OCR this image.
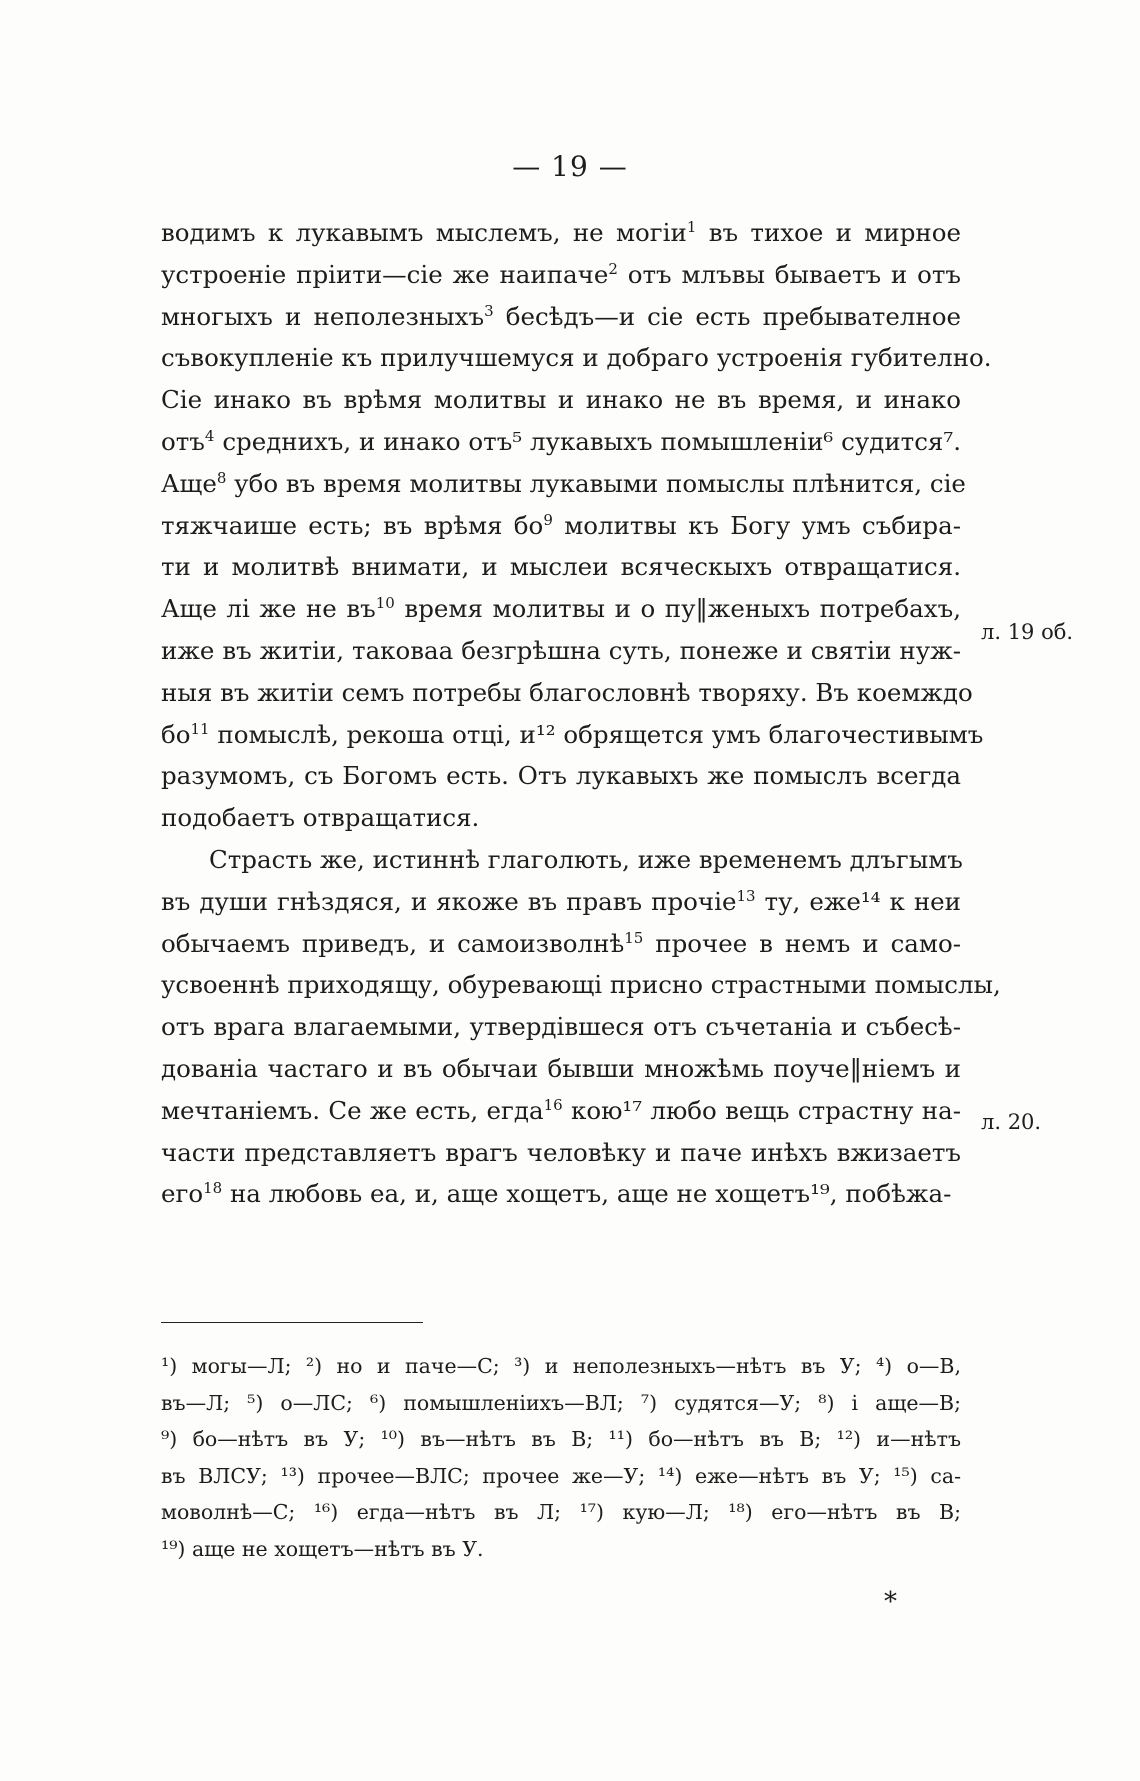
— 19 —
водимъ к лукавымъ мыслемъ, не могіи$^1$ въ тихое и мирное
устроеніе пріити—сіе же наипаче$^2$ отъ млъвы бываетъ и отъ
многыхъ и неполезныхъ$^3$ бесѣдъ—и сіе есть пребывателное
съвокупленіе къ прилучшемуся и добраго устроенія губително.
Сіе инако въ врѣмя молитвы и инако не въ время, и инако
отъ$^4$ среднихъ, и инако отъ⁵ лукавыхъ помышленіи⁶ судится⁷.
Аще$^8$ убо въ время молитвы лукавыми помыслы плѣнится, сіе
тяжчаише есть; въ врѣмя $бо^9$ молитвы къ Богу умъ събира-
ти и молитвѣ внимати, и мыслеи всяческыхъ отвращатися.
Аще лі же не $въ^{10}$ время молитвы и о пу‖женыхъ потребахъ,
иже въ житіи, таковаа безгрѣшна суть, понеже и святіи нуж-
ныя въ житіи семъ потребы благословнѣ творяху. Въ коемждо
$бо^{11}$ помыслѣ, рекоша отці, и¹² обрящется умъ благочестивымъ
разумомъ, съ Богомъ есть. Отъ лукавыхъ же помыслъ всегда
подобаетъ отвращатися.
Страсть же, истиннѣ глаголють, иже временемъ длъгымъ
въ души гнѣздяся, и якоже въ правъ прочіе$^{13}$ ту, еже¹⁴ к неи
обычаемъ приведъ, и самоизволнѣ$^{15}$ прочее в немъ и само-
усвоеннѣ приходящу, обуревающі присно страстными помыслы,
отъ врага влагаемыми, утвердівшеся отъ съчетаніа и събесѣ-
дованіа частаго и въ обычаи бывши множѣмь поуче‖ніемъ и
мечтаніемъ. Се же есть, егда$^{16}$ кою¹⁷ любо вещь страстну на-
части представляетъ врагъ человѣку и паче инѣхъ вжизаетъ
его$^{18}$ на любовь еа, и, аще хощетъ, аще не хощетъ¹⁹, побѣжа-
л. 19 об.
л. 20.
¹) могы—Л; ²) но и паче—С; ³) и неполезныхъ—нѣтъ въ У; ⁴) о—В,
въ—Л; ⁵) о—ЛС; ⁶) помышленіихъ—ВЛ; ⁷) судятся—У; ⁸) і аще—В;
⁹) бо—нѣтъ въ У; ¹⁰) въ—нѣтъ въ В; ¹¹) бо—нѣтъ въ В; ¹²) и—нѣтъ
въ ВЛСУ; ¹³) прочее—ВЛС; прочее же—У; ¹⁴) еже—нѣтъ въ У; ¹⁵) са-
моволнѣ—С; ¹⁶) егда—нѣтъ въ Л; ¹⁷) кую—Л; ¹⁸) его—нѣтъ въ В;
¹⁹) аще не хощетъ—нѣтъ въ У.
*
